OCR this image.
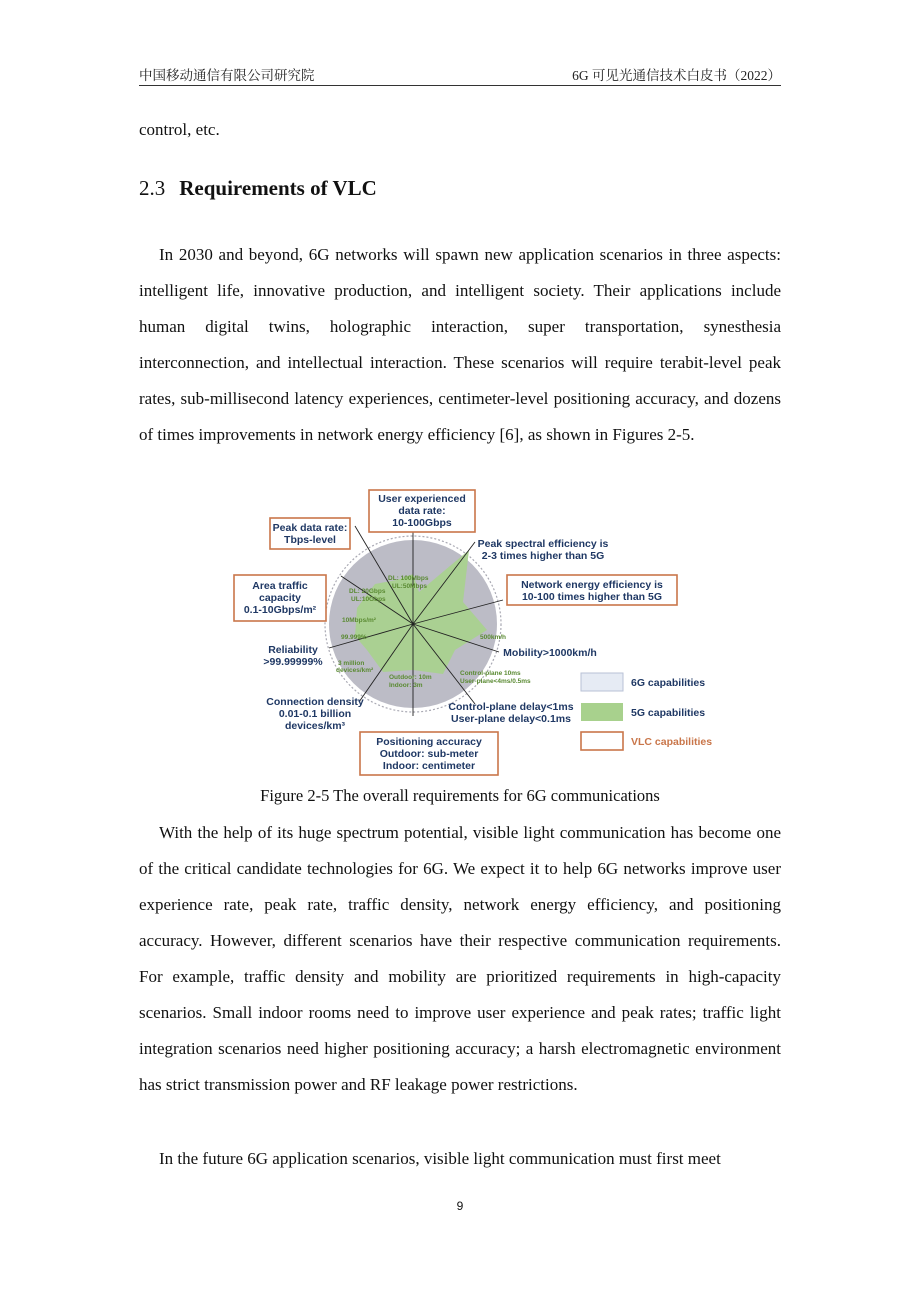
中国移动通信有限公司研究院	6G 可见光通信技术白皮书（2022）
control, etc.
2.3 Requirements of VLC
In 2030 and beyond, 6G networks will spawn new application scenarios in three aspects: intelligent life, innovative production, and intelligent society. Their applications include human digital twins, holographic interaction, super transportation, synesthesia interconnection, and intellectual interaction. These scenarios will require terabit-level peak rates, sub-millisecond latency experiences, centimeter-level positioning accuracy, and dozens of times improvements in network energy efficiency [6], as shown in Figures 2-5.
DL: 100Mbps
UL:50Mbps
DL: 20Gbps
UL:10Gbps
10Mbps/m²
99.999%
3 million
devices/km²
Outdoor: 10m
Indoor: 3m
Control-plane 10ms
User-plane<4ms/0.5ms
500km/h
User experienced
data rate:
10-100Gbps
Peak data rate:
Tbps-level	Peak spectral efficiency is
2-3 times higher than 5G
Network energy efficiency is
10-100 times higher than 5G
Area traffic
capacity
0.1-10Gbps/m²
Mobility>1000km/h
Reliability
>99.99999%
Control-plane delay<1ms
User-plane delay<0.1ms
Connection density
0.01-0.1 billion
devices/km³
Positioning accuracy
Outdoor: sub-meter
Indoor: centimeter
6G capabilities
5G capabilities
VLC capabilities
Figure 2-5 The overall requirements for 6G communications
With the help of its huge spectrum potential, visible light communication has become one of the critical candidate technologies for 6G. We expect it to help 6G networks improve user experience rate, peak rate, traffic density, network energy efficiency, and positioning accuracy. However, different scenarios have their respective communication requirements. For example, traffic density and mobility are prioritized requirements in high-capacity scenarios. Small indoor rooms need to improve user experience and peak rates; traffic light integration scenarios need higher positioning accuracy; a harsh electromagnetic environment has strict transmission power and RF leakage power restrictions.
In the future 6G application scenarios, visible light communication must first meet
9
